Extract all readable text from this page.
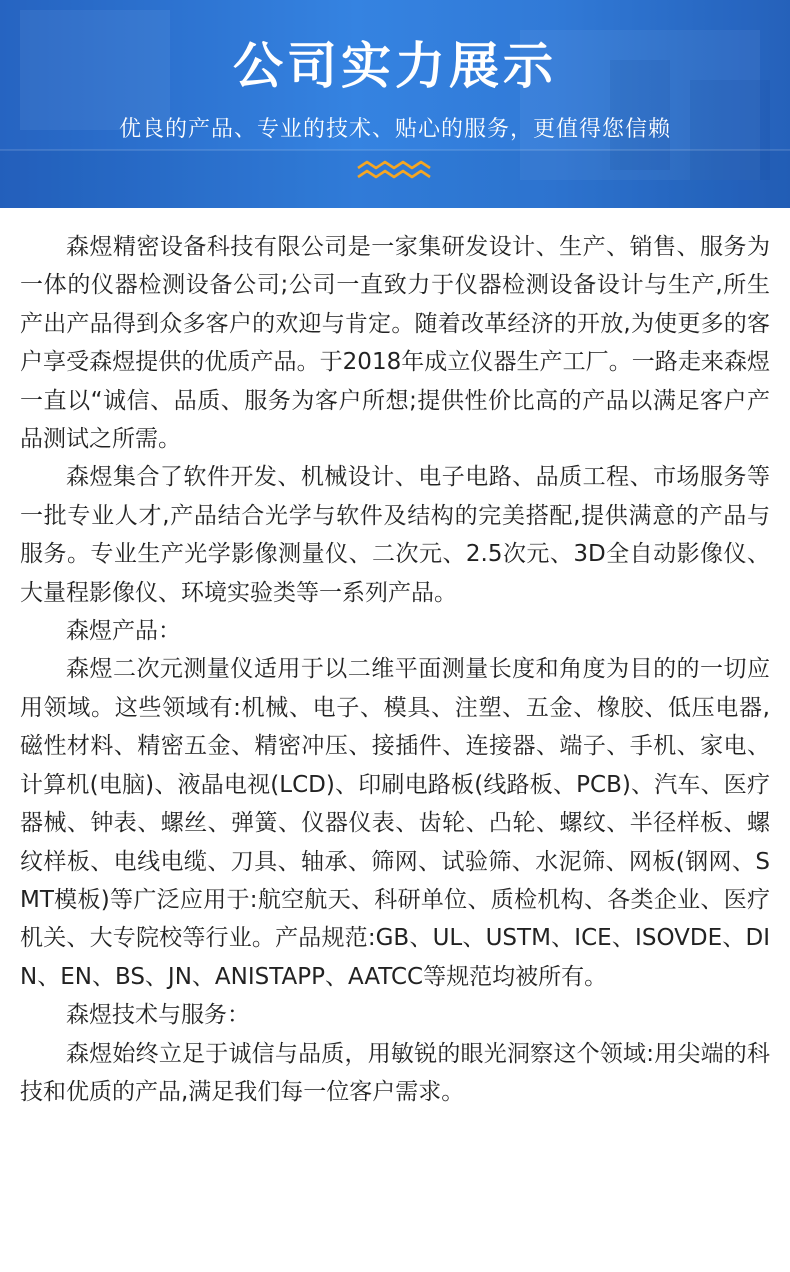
公司实力展示
优良的产品、专业的技术、贴心的服务，更值得您信赖

森煜精密设备科技有限公司是一家集研发设计、生产、销售、服务为一体的仪器检测设备公司;公司一直致力于仪器检测设备设计与生产,所生产出产品得到众多客户的欢迎与肯定。随着改革经济的开放,为使更多的客户享受森煜提供的优质产品。于2018年成立仪器生产工厂。一路走来森煜一直以“诚信、品质、服务为客户所想;提供性价比高的产品以满足客户产品测试之所需。

森煜集合了软件开发、机械设计、电子电路、品质工程、市场服务等一批专业人才,产品结合光学与软件及结构的完美搭配,提供满意的产品与服务。专业生产光学影像测量仪、二次元、2.5次元、3D全自动影像仪、大量程影像仪、环境实验类等一系列产品。

森煜产品：

森煜二次元测量仪适用于以二维平面测量长度和角度为目的的一切应用领域。这些领域有:机械、电子、模具、注塑、五金、橡胶、低压电器,磁性材料、精密五金、精密冲压、接插件、连接器、端子、手机、家电、计算机(电脑)、液晶电视(LCD)、印刷电路板(线路板、PCB)、汽车、医疗器械、钟表、螺丝、弹簧、仪器仪表、齿轮、凸轮、螺纹、半径样板、螺纹样板、电线电缆、刀具、轴承、筛网、试验筛、水泥筛、网板(钢网、SMT模板)等广泛应用于:航空航天、科研单位、质检机构、各类企业、医疗机关、大专院校等行业。产品规范:GB、UL、USTM、ICE、ISOVDE、DIN、EN、BS、JN、ANISTAPP、AATCC等规范均被所有。

森煜技术与服务：

森煜始终立足于诚信与品质，用敏锐的眼光洞察这个领域:用尖端的科技和优质的产品,满足我们每一位客户需求。
